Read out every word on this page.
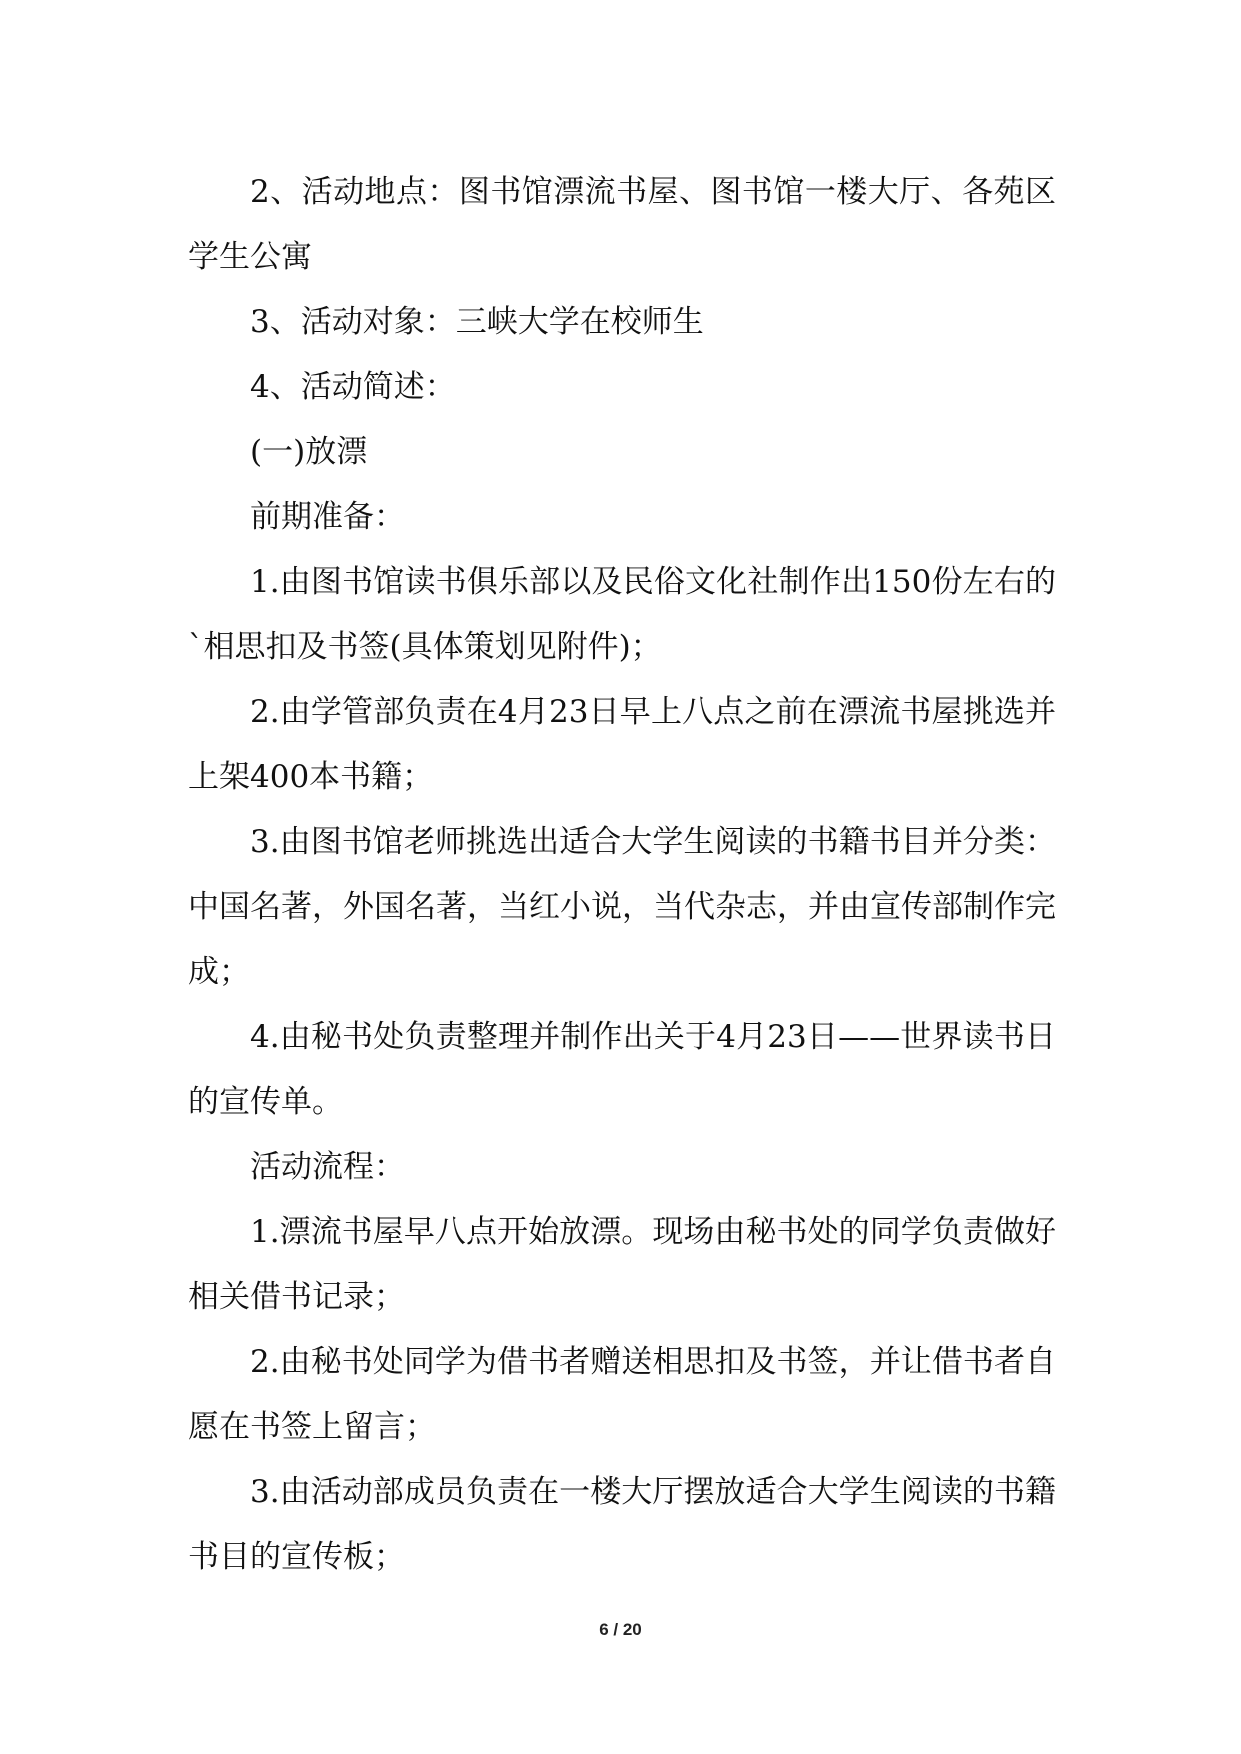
2、活动地点：图书馆漂流书屋、图书馆一楼大厅、各苑区学生公寓

3、活动对象：三峡大学在校师生

4、活动简述：

(一)放漂

前期准备：

1.由图书馆读书俱乐部以及民俗文化社制作出150份左右的`相思扣及书签(具体策划见附件)；

2.由学管部负责在4月23日早上八点之前在漂流书屋挑选并上架400本书籍；

3.由图书馆老师挑选出适合大学生阅读的书籍书目并分类：中国名著，外国名著，当红小说，当代杂志，并由宣传部制作完成；

4.由秘书处负责整理并制作出关于4月23日——世界读书日的宣传单。

活动流程：

1.漂流书屋早八点开始放漂。现场由秘书处的同学负责做好相关借书记录；

2.由秘书处同学为借书者赠送相思扣及书签，并让借书者自愿在书签上留言；

3.由活动部成员负责在一楼大厅摆放适合大学生阅读的书籍书目的宣传板；

6 / 20
